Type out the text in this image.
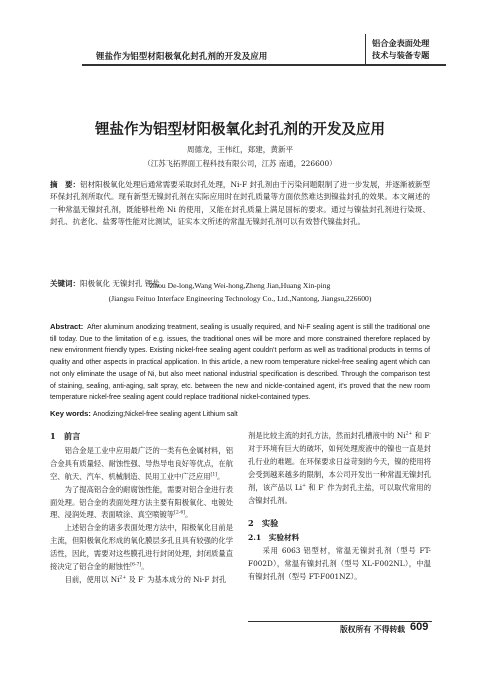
锂盐作为铝型材阳极氧化封孔剂的开发及应用
铝合金表面处理
技术与装备专题
锂盐作为铝型材阳极氧化封孔剂的开发及应用
周德龙，王伟红，郑建，黄新平
（江苏飞拓界面工程科技有限公司，江苏 南通，226600）
摘　要：铝材阳极氧化处理后通常需要采取封孔处理，Ni-F 封孔剂由于污染问题限制了进一步发展，并逐渐被新型环保封孔剂所取代。现有新型无镍封孔剂在实际应用时在封孔质量等方面依然难达到镍盐封孔的效果。本文阐述的一种常温无镍封孔剂，既能够杜绝 Ni 的使用，又能在封孔质量上满足国标的要求。通过与镍盐封孔剂进行染斑、封孔、抗老化、盐雾等性能对比测试，证实本文所述的常温无镍封孔剂可以有效替代镍盐封孔。
关键词：阳极氧化 无镍封孔 锂盐
Zhou De-long,Wang Wei-hong,Zheng Jian,Huang Xin-ping
(Jiangsu Feituo Interface Engineering Technology Co., Ltd.,Nantong, Jiangsu,226600)
Abstract: After aluminum anodizing treatment, sealing is usually required, and Ni-F sealing agent is still the traditional one till today. Due to the limitation of e.g. issues, the traditional ones will be more and more constrained therefore replaced by new environment friendly types. Existing nickel-free sealing agent couldn’t perform as well as traditional products in terms of quality and other aspects in practical application. In this article, a new room temperature nickel-free sealing agent which can not only eliminate the usage of Ni, but also meet national industrial specification is described. Through the comparison test of staining, sealing, anti-aging, salt spray, etc. between the new and nickle-contained agent, it’s proved that the new room temperature nickel-free sealing agent could replace traditional nickel-contained types.
Key words: Anodizing;Nickel-free sealing agent Lithium salt
1　前言

铝合金是工业中应用最广泛的一类有色金属材料，铝合金具有质量轻、耐蚀性强、导热导电良好等优点，在航空、航天、汽车、机械制造、民用工业中广泛应用[1]。

为了提高铝合金的耐腐蚀性能，需要对铝合金进行表面处理。铝合金的表面处理方法主要有阳极氧化、电镀处理、浸润处理、表面喷涂、真空喷镀等[2-6]。

上述铝合金的诸多表面处理方法中，阳极氧化目前是主流，但阳极氧化形成的氧化膜层多孔且具有较强的化学活性，因此，需要对这些膜孔进行封闭处理，封闭质量直接决定了铝合金的耐蚀性[6-7]。

目前，使用以 $Ni^{2+}$ 及 F- 为基本成分的 Ni-F 封孔

剂是比较主流的封孔方法，然而封孔槽液中的 $Ni^{2+}$ 和 F- 对于环境有巨大的破坏，如何处理废液中的镍也一直是封孔行业的难题。在环保要求日益苛刻的今天，镍的使用将会受到越来越多的限制，本公司开发出一种常温无镍封孔剂，该产品以 Li+ 和 F- 作为封孔主盐，可以取代常用的含镍封孔剂。

2　实验
2.1　实验材料

采用 6063 铝型材，常温无镍封孔剂（型号 FT-F002D），常温有镍封孔剂（型号 XL-F002NL），中温有镍封孔剂（型号 FT-F001NZ）。

版权所有 不得转载 609
